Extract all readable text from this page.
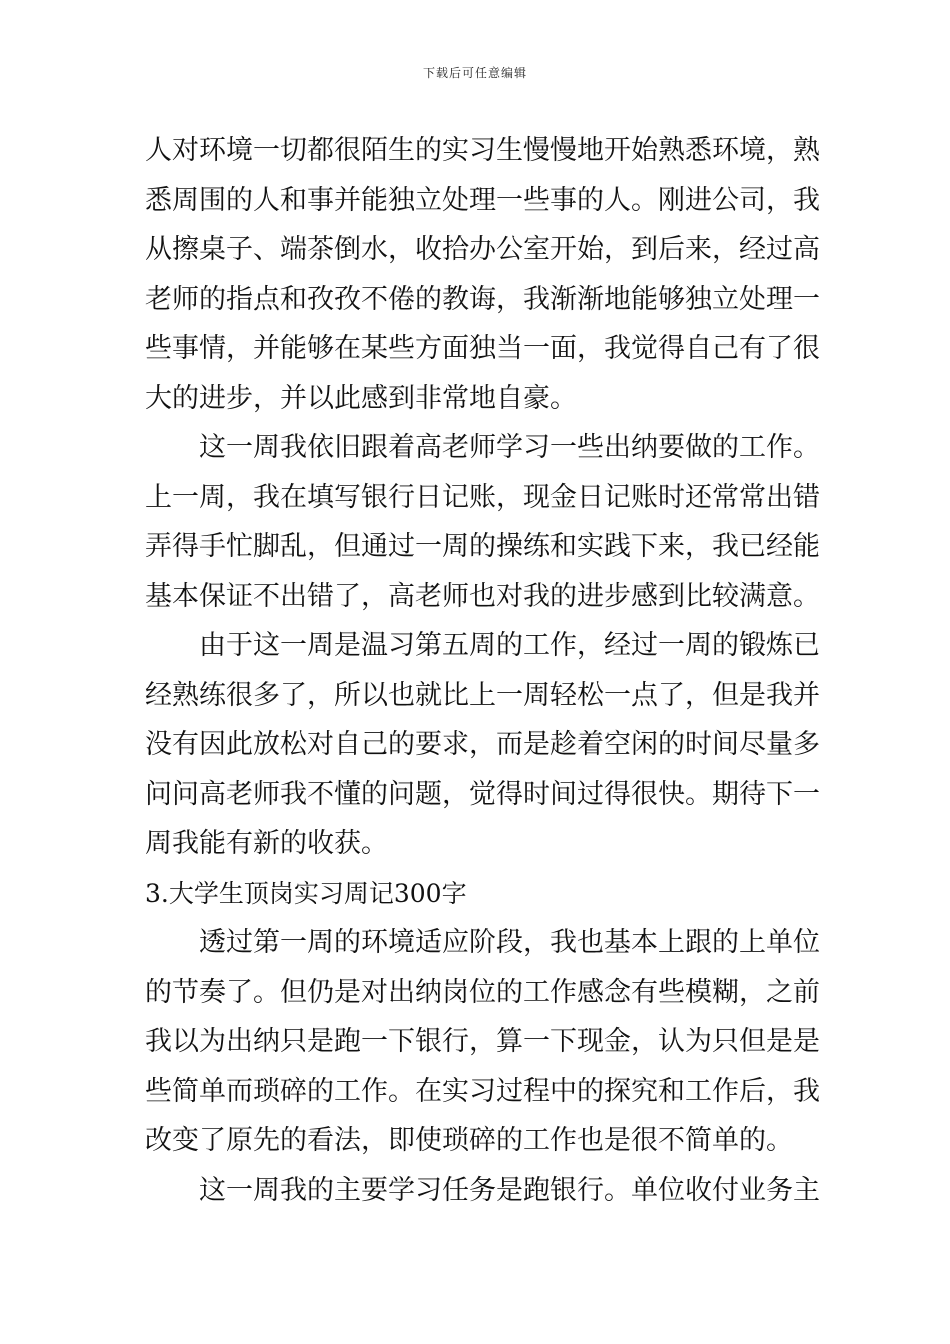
下载后可任意编辑
人对环境一切都很陌生的实习生慢慢地开始熟悉环境，熟
悉周围的人和事并能独立处理一些事的人。刚进公司，我
从擦桌子、端茶倒水，收拾办公室开始，到后来，经过高
老师的指点和孜孜不倦的教诲，我渐渐地能够独立处理一
些事情，并能够在某些方面独当一面，我觉得自己有了很
大的进步，并以此感到非常地自豪。
这一周我依旧跟着高老师学习一些出纳要做的工作。
上一周，我在填写银行日记账，现金日记账时还常常出错
弄得手忙脚乱，但通过一周的操练和实践下来，我已经能
基本保证不出错了，高老师也对我的进步感到比较满意。
由于这一周是温习第五周的工作，经过一周的锻炼已
经熟练很多了，所以也就比上一周轻松一点了，但是我并
没有因此放松对自己的要求，而是趁着空闲的时间尽量多
问问高老师我不懂的问题，觉得时间过得很快。期待下一
周我能有新的收获。
3.大学生顶岗实习周记300字
透过第一周的环境适应阶段，我也基本上跟的上单位
的节奏了。但仍是对出纳岗位的工作感念有些模糊，之前
我以为出纳只是跑一下银行，算一下现金，认为只但是是
些简单而琐碎的工作。在实习过程中的探究和工作后，我
改变了原先的看法，即使琐碎的工作也是很不简单的。
这一周我的主要学习任务是跑银行。单位收付业务主
